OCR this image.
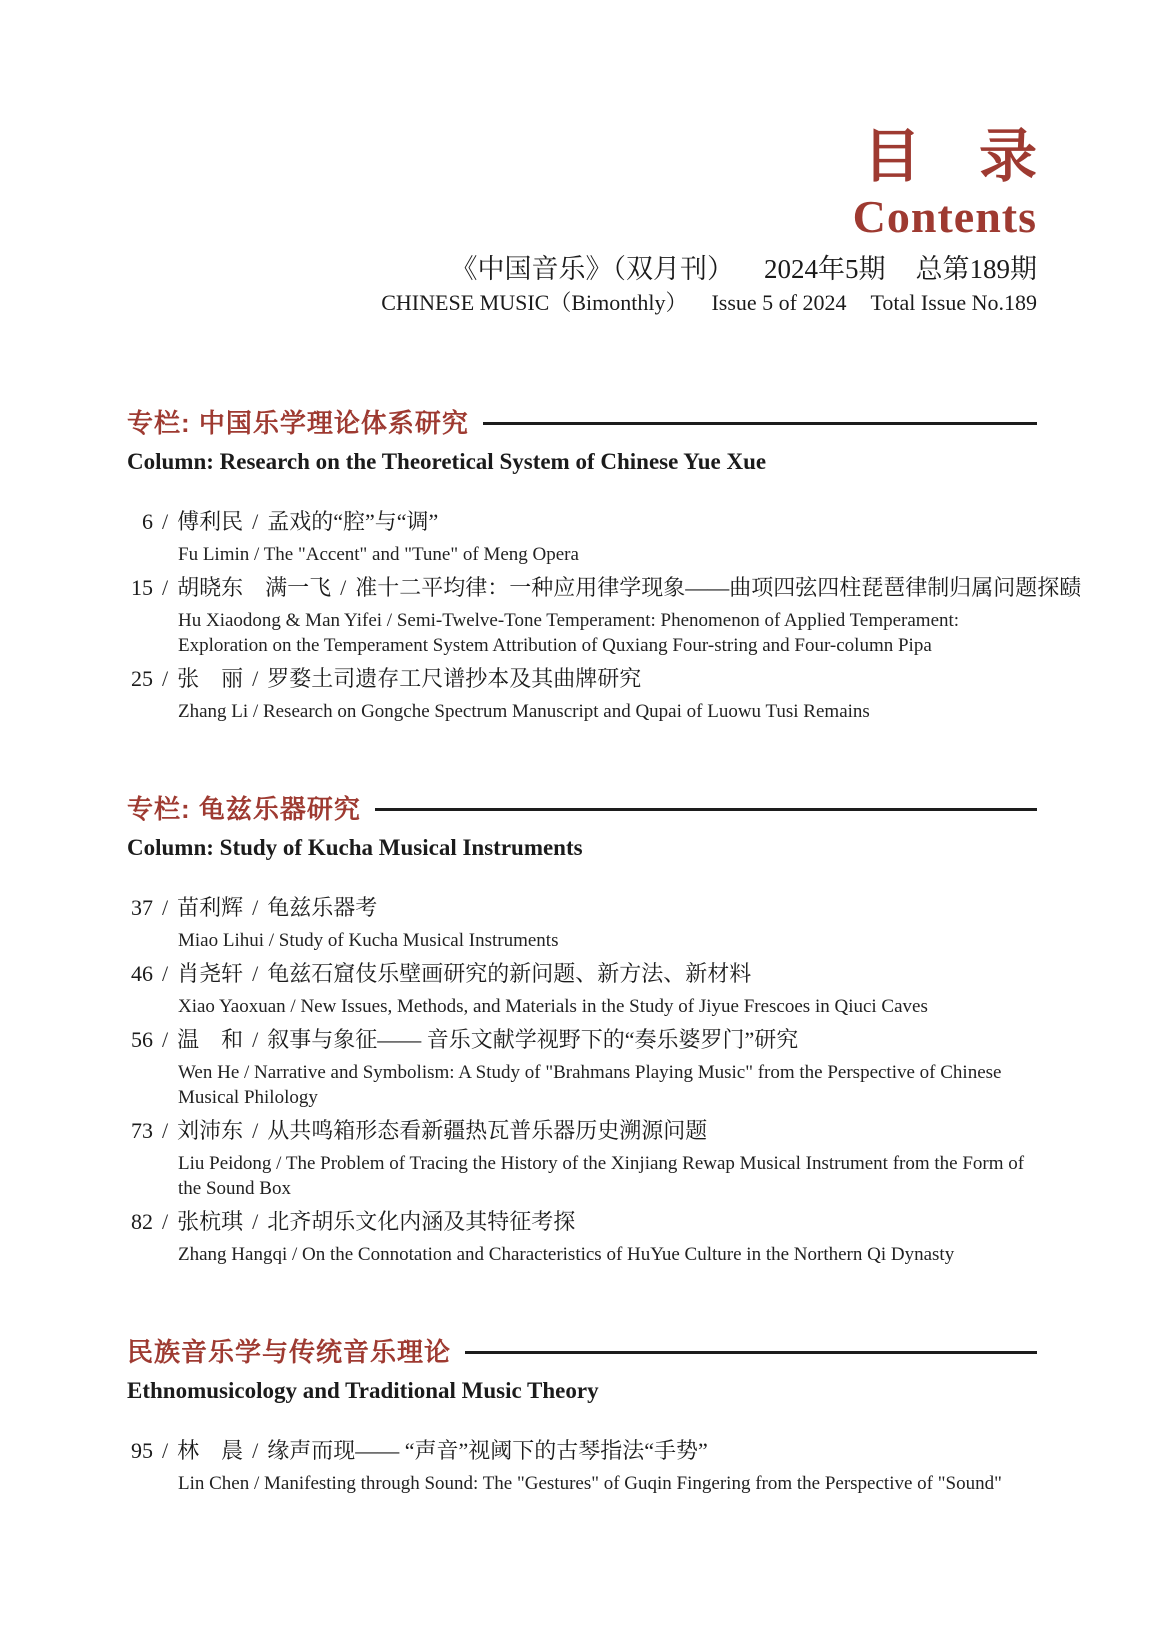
目　录
Contents
《中国音乐》（双月刊） 2024年5期 总第189期
CHINESE MUSIC（Bimonthly） Issue 5 of 2024 Total Issue No.189
专栏: 中国乐学理论体系研究
Column: Research on the Theoretical System of Chinese Yue Xue
6 / 傅利民 / 孟戏的“腔”与“调”
Fu Limin / The "Accent" and "Tune" of Meng Opera
15 / 胡晓东　满一飞 / 准十二平均律：一种应用律学现象——曲项四弦四柱琵琶律制归属问题探赜
Hu Xiaodong & Man Yifei / Semi-Twelve-Tone Temperament: Phenomenon of Applied Temperament: Exploration on the Temperament System Attribution of Quxiang Four-string and Four-column Pipa
25 / 张　丽 / 罗婺土司遗存工尺谱抄本及其曲牌研究
Zhang Li / Research on Gongche Spectrum Manuscript and Qupai of Luowu Tusi Remains
专栏: 龟兹乐器研究
Column: Study of Kucha Musical Instruments
37 / 苗利辉 / 龟兹乐器考
Miao Lihui / Study of Kucha Musical Instruments
46 / 肖尧轩 / 龟兹石窟伎乐壁画研究的新问题、新方法、新材料
Xiao Yaoxuan / New Issues, Methods, and Materials in the Study of Jiyue Frescoes in Qiuci Caves
56 / 温　和 / 叙事与象征—— 音乐文献学视野下的“奏乐婆罗门”研究
Wen He / Narrative and Symbolism: A Study of "Brahmans Playing Music" from the Perspective of Chinese Musical Philology
73 / 刘沛东 / 从共鸣箱形态看新疆热瓦普乐器历史溯源问题
Liu Peidong / The Problem of Tracing the History of the Xinjiang Rewap Musical Instrument from the Form of the Sound Box
82 / 张杭琪 / 北齐胡乐文化内涵及其特征考探
Zhang Hangqi / On the Connotation and Characteristics of HuYue Culture in the Northern Qi Dynasty
民族音乐学与传统音乐理论
Ethnomusicology and Traditional Music Theory
95 / 林　晨 / 缘声而现—— “声音”视阈下的古琴指法“手势”
Lin Chen / Manifesting through Sound: The "Gestures" of Guqin Fingering from the Perspective of "Sound"
